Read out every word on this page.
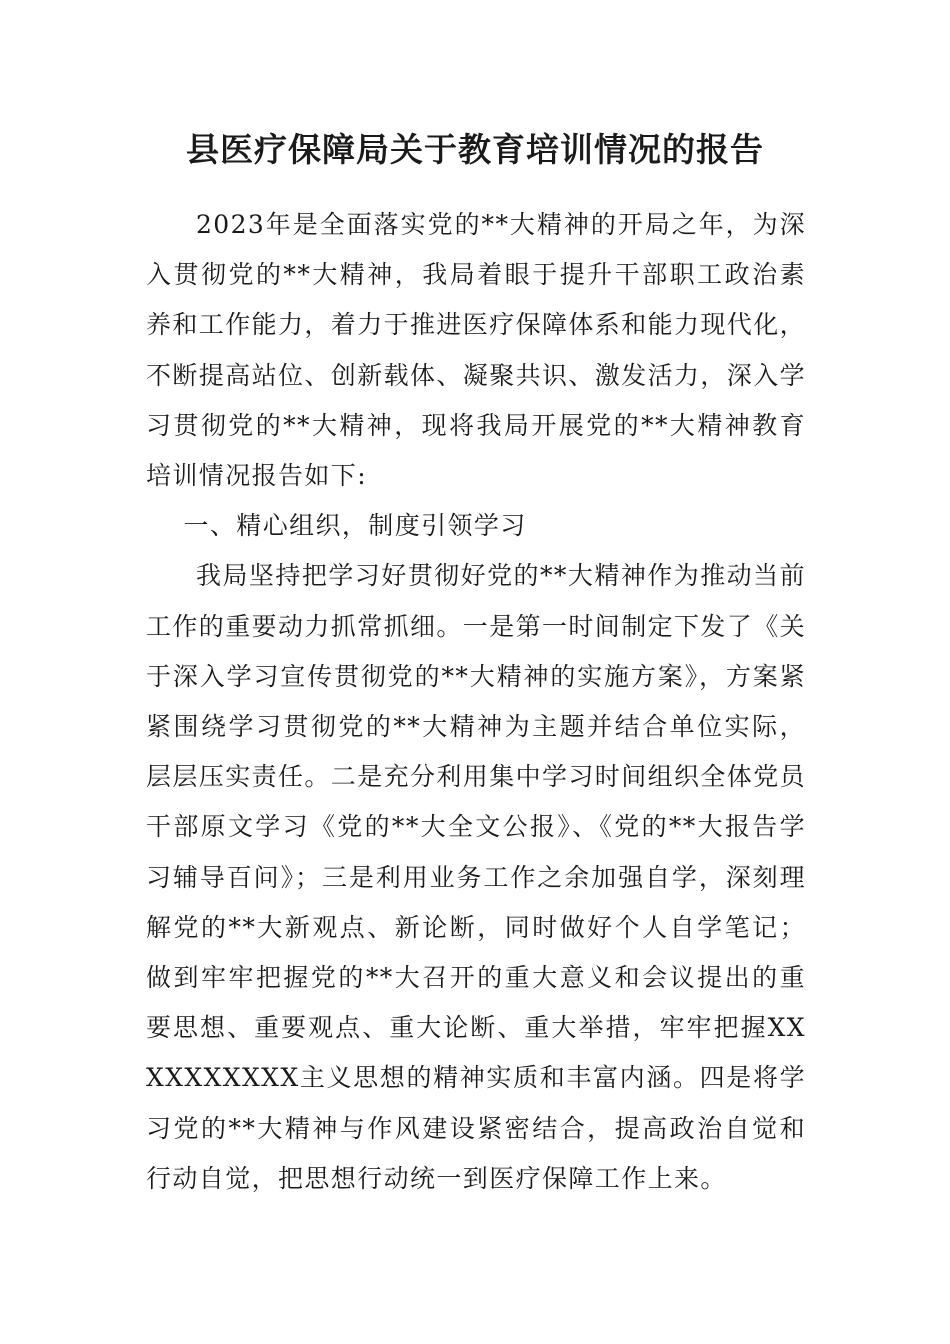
县医疗保障局关于教育培训情况的报告

2023年是全面落实党的**大精神的开局之年，为深入贯彻党的**大精神，我局着眼于提升干部职工政治素养和工作能力，着力于推进医疗保障体系和能力现代化，不断提高站位、创新载体、凝聚共识、激发活力，深入学习贯彻党的**大精神，现将我局开展党的**大精神教育培训情况报告如下:

一、精心组织，制度引领学习

我局坚持把学习好贯彻好党的**大精神作为推动当前工作的重要动力抓常抓细。一是第一时间制定下发了《关于深入学习宣传贯彻党的**大精神的实施方案》，方案紧紧围绕学习贯彻党的**大精神为主题并结合单位实际，层层压实责任。二是充分利用集中学习时间组织全体党员干部原文学习《党的**大全文公报》、《党的**大报告学习辅导百问》；三是利用业务工作之余加强自学，深刻理解党的**大新观点、新论断，同时做好个人自学笔记；做到牢牢把握党的**大召开的重大意义和会议提出的重要思想、重要观点、重大论断、重大举措，牢牢把握XXXXXXXXXX主义思想的精神实质和丰富内涵。四是将学习党的**大精神与作风建设紧密结合，提高政治自觉和行动自觉，把思想行动统一到医疗保障工作上来。
